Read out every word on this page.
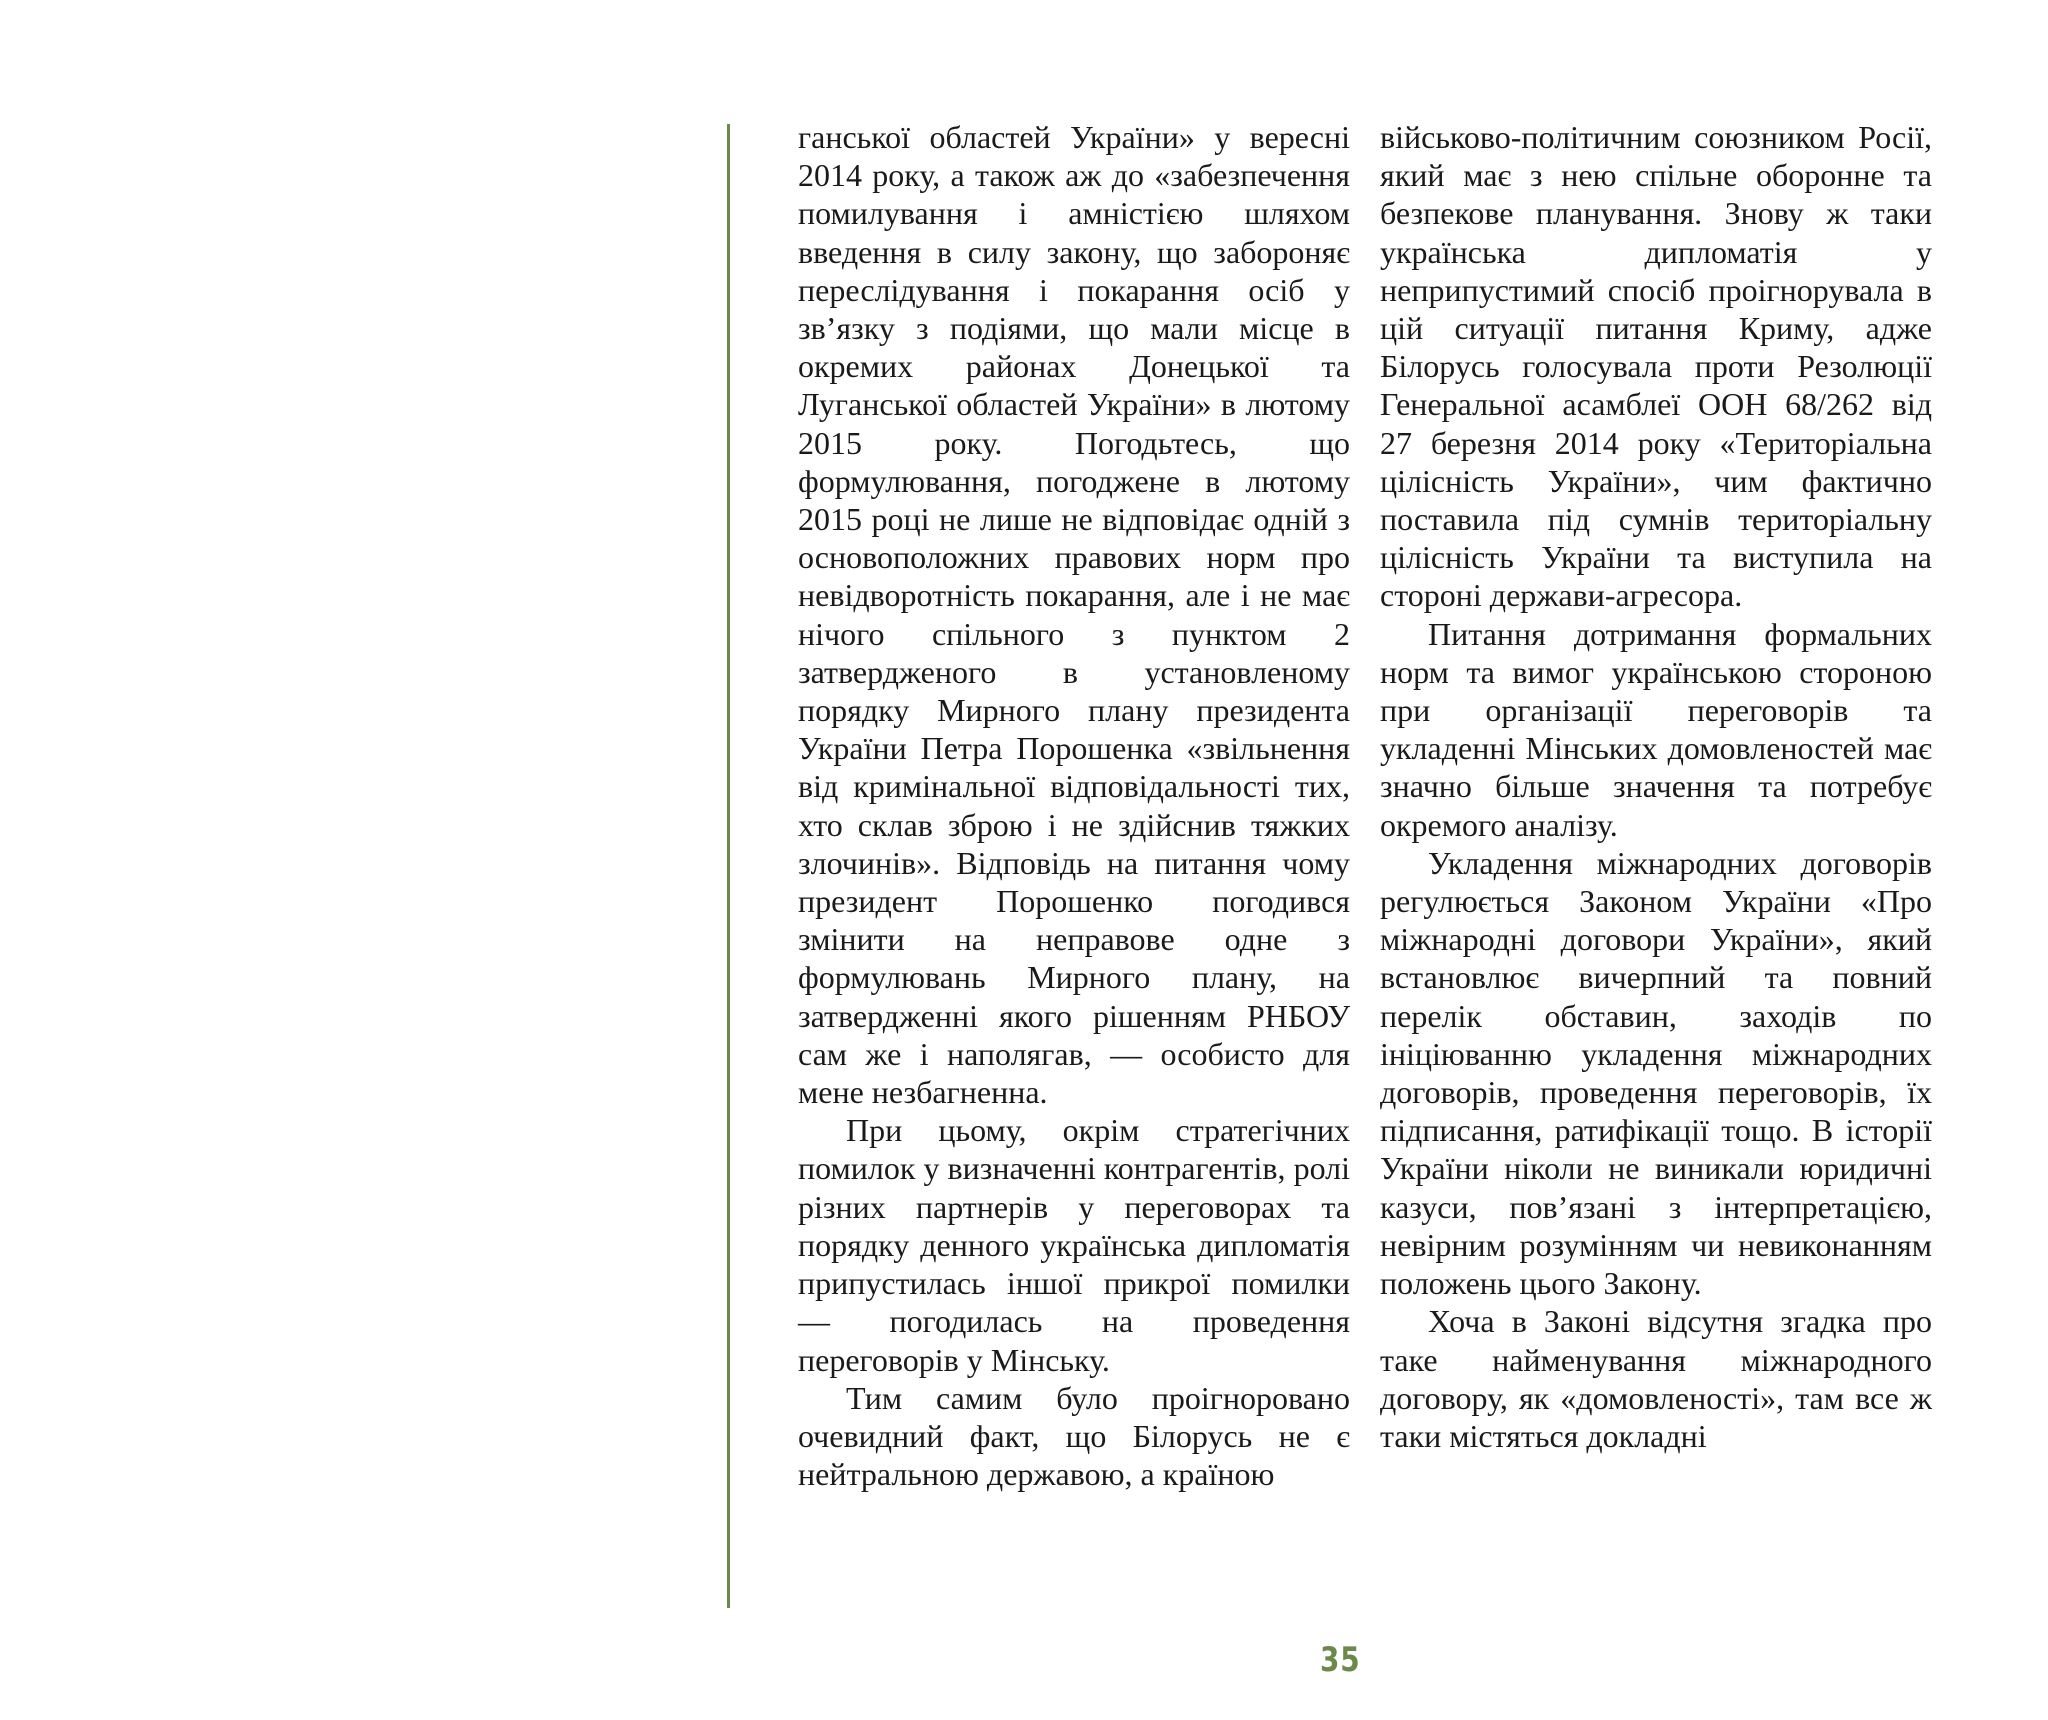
ганської областей України» у вересні 2014 року, а також аж до «забезпечення помилування і амністією шляхом введення в силу закону, що забороняє переслідування і покарання осіб у зв’язку з подіями, що мали місце в окремих районах Донецької та Луганської областей України» в лютому 2015 року. Погодьтесь, що формулювання, погоджене в лютому 2015 році не лише не відповідає одній з основоположних правових норм про невідворотність покарання, але і не має нічого спільного з пунктом 2 затвердженого в установленому порядку Мирного плану президента України Петра Порошенка «звільнення від кримінальної відповідальності тих, хто склав зброю і не здійснив тяжких злочинів». Відповідь на питання чому президент Порошенко погодився змінити на неправове одне з формулювань Мирного плану, на затвердженні якого рішенням РНБОУ сам же і наполягав, — особисто для мене незбагненна.

При цьому, окрім стратегічних помилок у визначенні контрагентів, ролі різних партнерів у переговорах та порядку денного українська дипломатія припустилась іншої прикрої помилки — погодилась на проведення переговорів у Мінську.

Тим самим було проігноровано очевидний факт, що Білорусь не є нейтральною державою, а країною

військово-політичним союзником Росії, який має з нею спільне оборонне та безпекове планування. Знову ж таки українська дипломатія у неприпустимий спосіб проігнорувала в цій ситуації питання Криму, адже Білорусь голосувала проти Резолюції Генеральної асамблеї ООН 68/262 від 27 березня 2014 року «Територіальна цілісність України», чим фактично поставила під сумнів територіальну цілісність України та виступила на стороні держави-агресора.

Питання дотримання формальних норм та вимог українською стороною при організації переговорів та укладенні Мінських домовленостей має значно більше значення та потребує окремого аналізу.

Укладення міжнародних договорів регулюється Законом України «Про міжнародні договори України», який встановлює вичерпний та повний перелік обставин, заходів по ініціюванню укладення міжнародних договорів, проведення переговорів, їх підписання, ратифікації тощо. В історії України ніколи не виникали юридичні казуси, пов’язані з інтерпретацією, невірним розумінням чи невиконанням положень цього Закону.

Хоча в Законі відсутня згадка про таке найменування міжнародного договору, як «домовленості», там все ж таки містяться докладні

35
